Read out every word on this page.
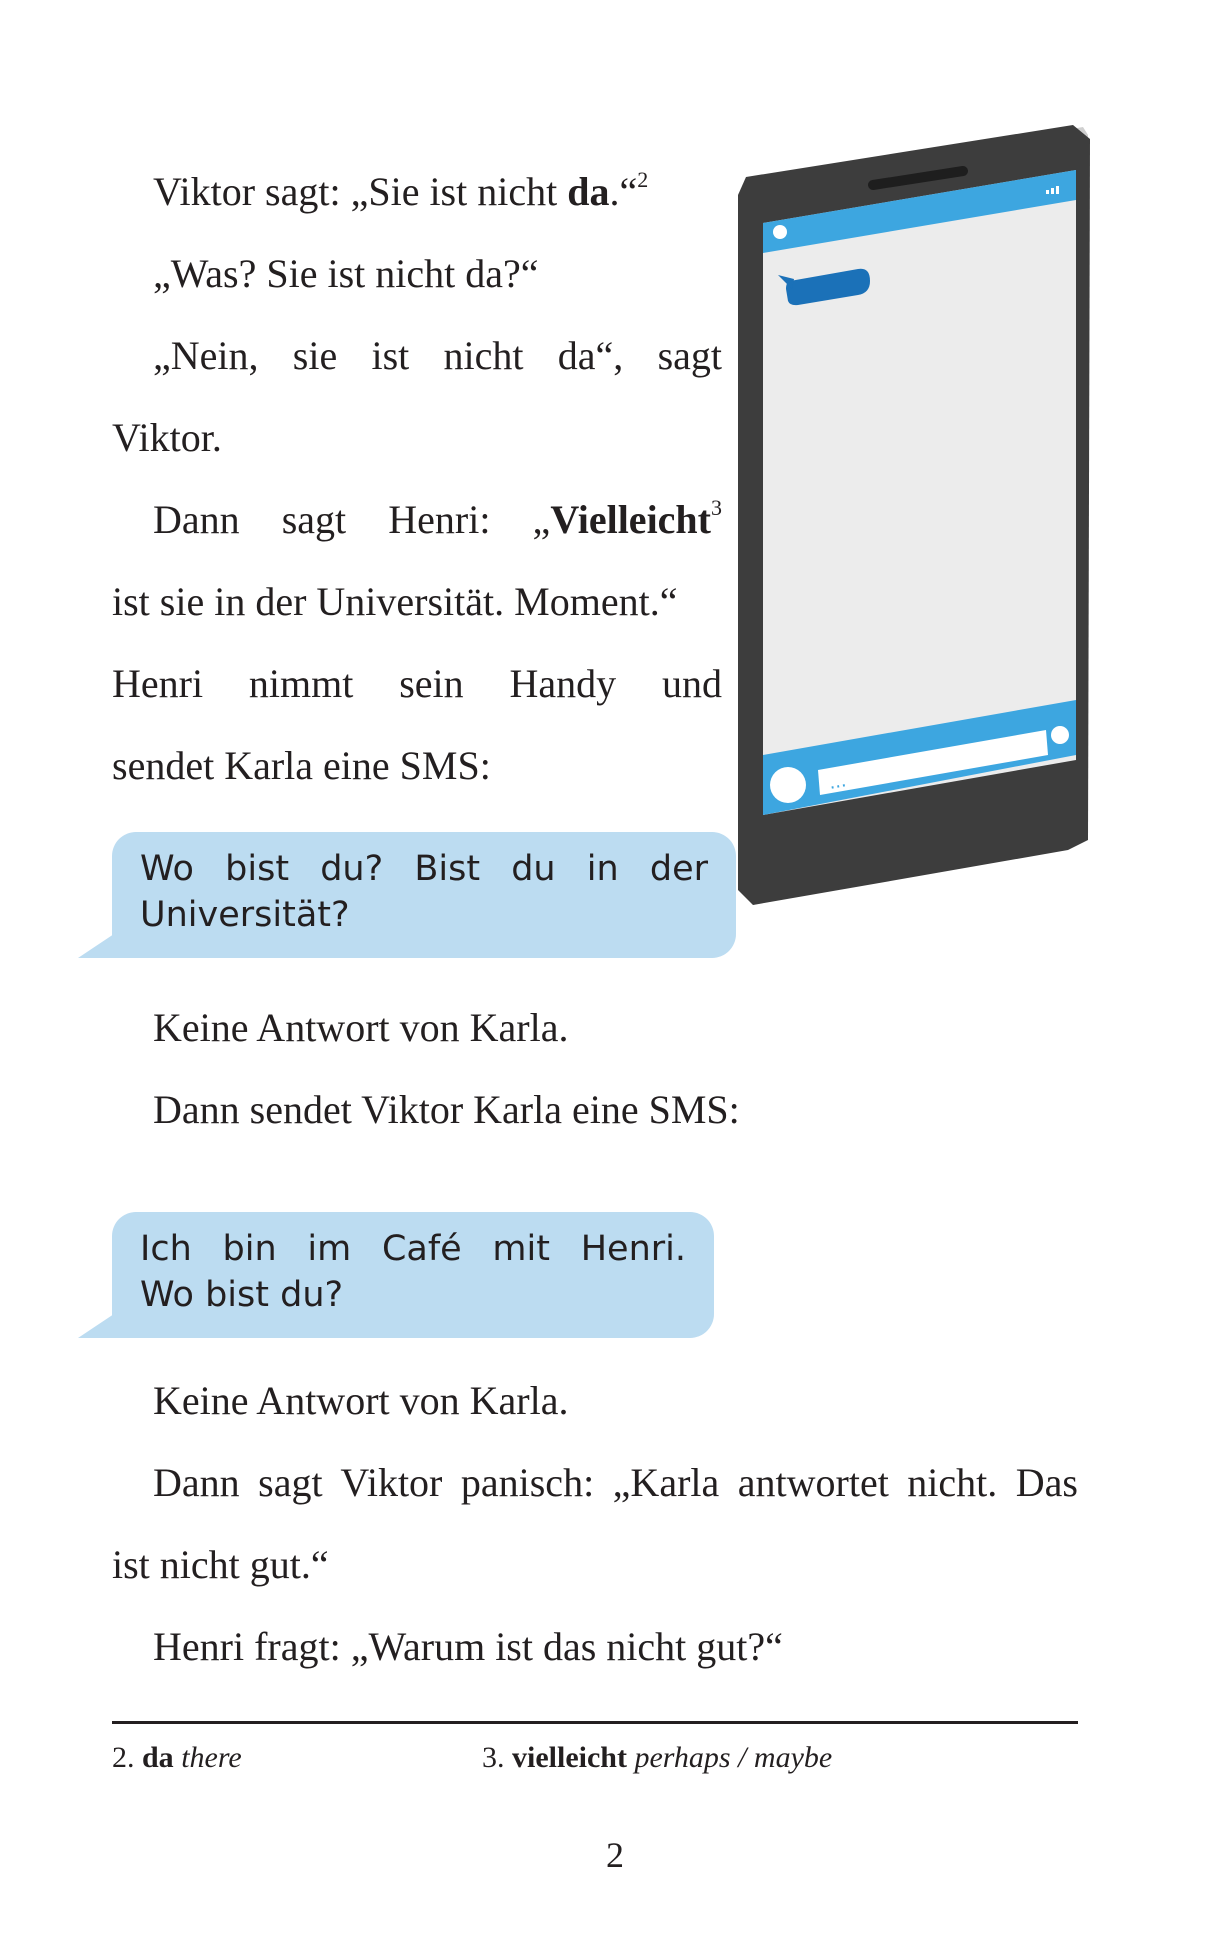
Viktor sagt: „Sie ist nicht da.“$^2$

„Was? Sie ist nicht da?“

„Nein, sie ist nicht da“, sagt

Viktor.

Dann sagt Henri: „Vielleicht$^3$

ist sie in der Universität. Moment.“

Henri nimmt sein Handy und

sendet Karla eine SMS:

Wo bist du? Bist du in der
Universität?

Keine Antwort von Karla.

Dann sendet Viktor Karla eine SMS:

Ich bin im Café mit Henri.
Wo bist du?

Keine Antwort von Karla.

Dann sagt Viktor panisch: „Karla antwortet nicht. Das

ist nicht gut.“

Henri fragt: „Warum ist das nicht gut?“

2. da there	3. vielleicht perhaps / maybe
2
...
